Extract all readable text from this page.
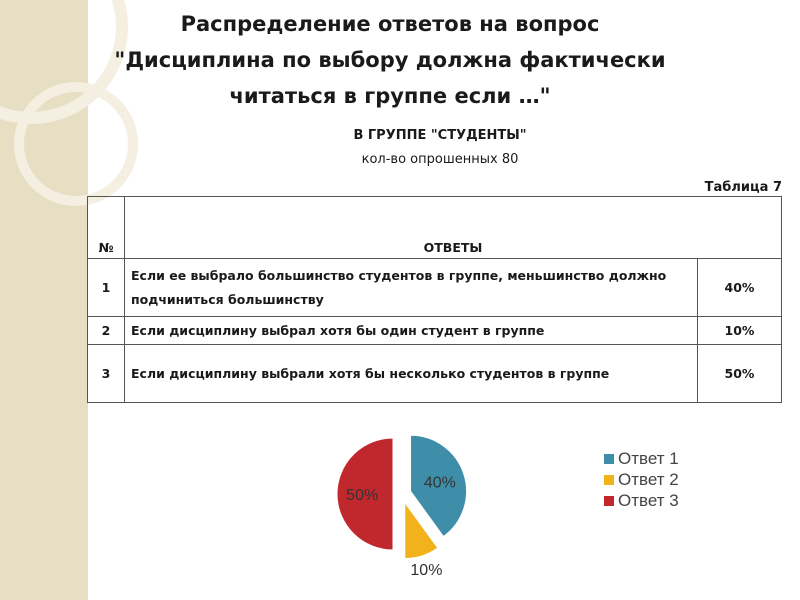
Распределение ответов на вопрос
"Дисциплина по выбору должна фактически
читаться в группе если …"
В ГРУППЕ "СТУДЕНТЫ"
кол-во опрошенных 80
Таблица 7
№	ОТВЕТЫ	
1	Если ее выбрало большинство студентов в группе, меньшинство должно подчиниться большинству	40%
2	Если дисциплину выбрал хотя бы один студент в группе	10%
3	Если дисциплину выбрали хотя бы несколько студентов в группе	50%
40%
10%
50%
Ответ 1
Ответ 2
Ответ 3
